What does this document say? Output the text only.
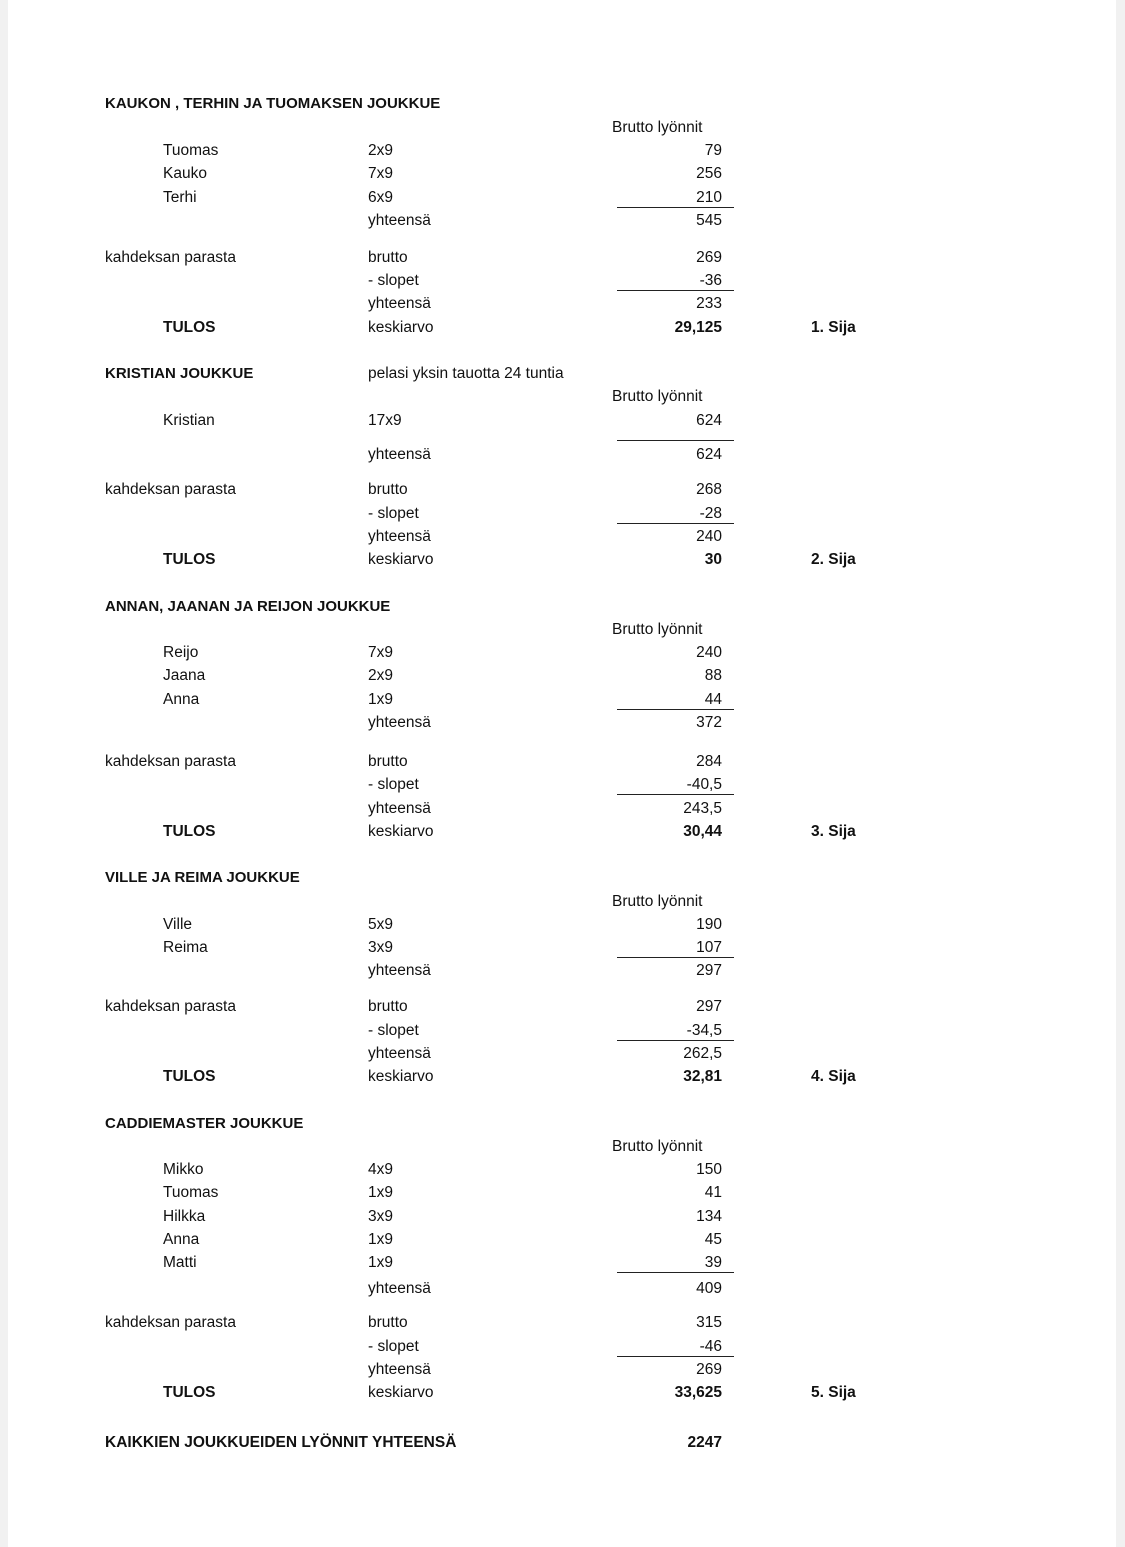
KAUKON , TERHIN JA TUOMAKSEN JOUKKUE
Brutto lyönnit
Tuomas	2x9	79
Kauko	7x9	256
Terhi	6x9	210
yhteensä	545
kahdeksan parasta	brutto	269
- slopet	-36
yhteensä	233
TULOS	keskiarvo	29,125	1. Sija
KRISTIAN JOUKKUE	pelasi yksin tauotta 24 tuntia
Brutto lyönnit
Kristian	17x9	624
yhteensä	624
kahdeksan parasta	brutto	268
- slopet	-28
yhteensä	240
TULOS	keskiarvo	30	2. Sija
ANNAN, JAANAN JA REIJON JOUKKUE
Brutto lyönnit
Reijo	7x9	240
Jaana	2x9	88
Anna	1x9	44
yhteensä	372
kahdeksan parasta	brutto	284
- slopet	-40,5
yhteensä	243,5
TULOS	keskiarvo	30,44	3. Sija
VILLE JA REIMA JOUKKUE
Brutto lyönnit
Ville	5x9	190
Reima	3x9	107
yhteensä	297
kahdeksan parasta	brutto	297
- slopet	-34,5
yhteensä	262,5
TULOS	keskiarvo	32,81	4. Sija
CADDIEMASTER JOUKKUE
Brutto lyönnit
Mikko	4x9	150
Tuomas	1x9	41
Hilkka	3x9	134
Anna	1x9	45
Matti	1x9	39
yhteensä	409
kahdeksan parasta	brutto	315
- slopet	-46
yhteensä	269
TULOS	keskiarvo	33,625	5. Sija
KAIKKIEN JOUKKUEIDEN LYÖNNIT YHTEENSÄ	2247
